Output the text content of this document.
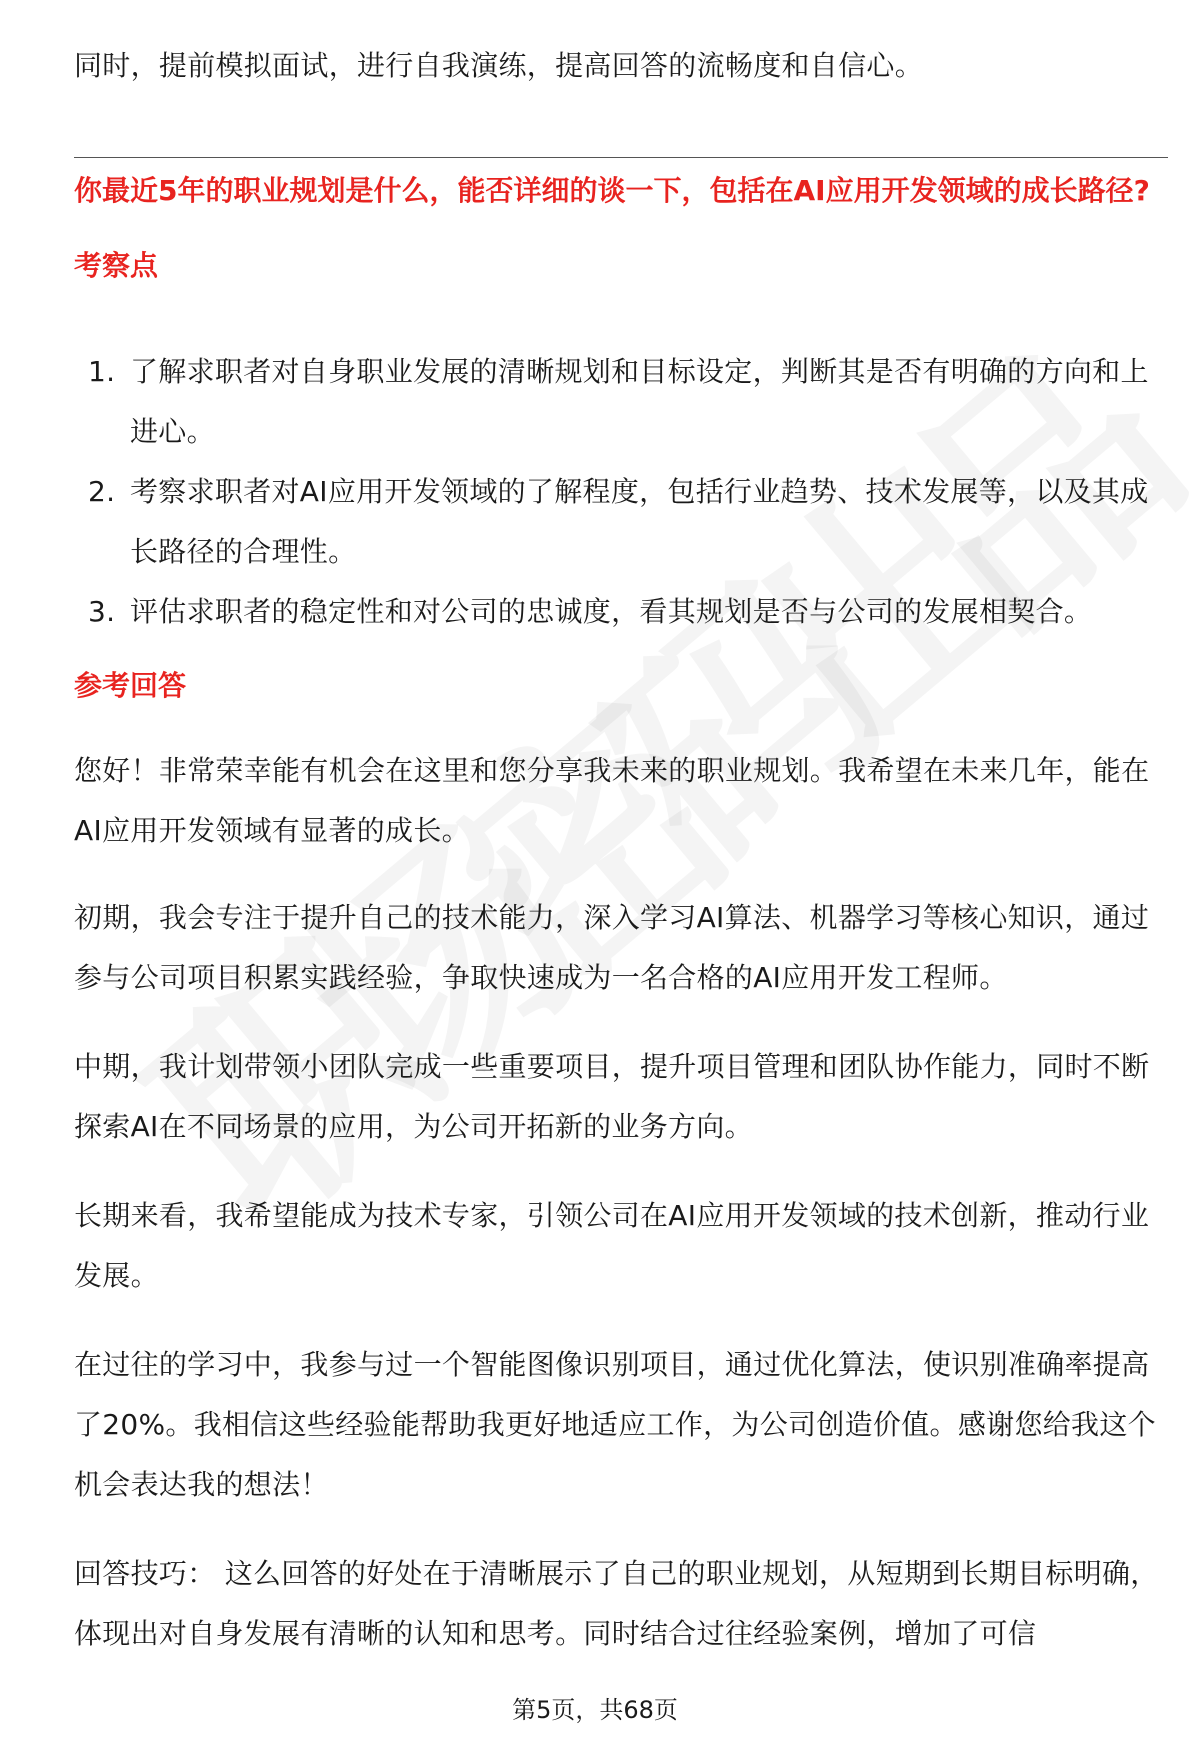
同时，提前模拟面试，进行自我演练，提高回答的流畅度和自信心。

你最近5年的职业规划是什么，能否详细的谈一下，包括在AI应用开发领域的成长路径?
考察点
1. 了解求职者对自身职业发展的清晰规划和目标设定，判断其是否有明确的方向和上进心。
2. 考察求职者对AI应用开发领域的了解程度，包括行业趋势、技术发展等，以及其成长路径的合理性。
3. 评估求职者的稳定性和对公司的忠诚度，看其规划是否与公司的发展相契合。
参考回答

您好！非常荣幸能有机会在这里和您分享我未来的职业规划。我希望在未来几年，能在AI应用开发领域有显著的成长。

初期，我会专注于提升自己的技术能力，深入学习AI算法、机器学习等核心知识，通过参与公司项目积累实践经验，争取快速成为一名合格的AI应用开发工程师。

中期，我计划带领小团队完成一些重要项目，提升项目管理和团队协作能力，同时不断探索AI在不同场景的应用，为公司开拓新的业务方向。

长期来看，我希望能成为技术专家，引领公司在AI应用开发领域的技术创新，推动行业发展。

在过往的学习中，我参与过一个智能图像识别项目，通过优化算法，使识别准确率提高了20%。我相信这些经验能帮助我更好地适应工作，为公司创造价值。感谢您给我这个机会表达我的想法！

回答技巧： 这么回答的好处在于清晰展示了自己的职业规划，从短期到长期目标明确，体现出对自身发展有清晰的认知和思考。同时结合过往经验案例，增加了可信

第5页，共68页
